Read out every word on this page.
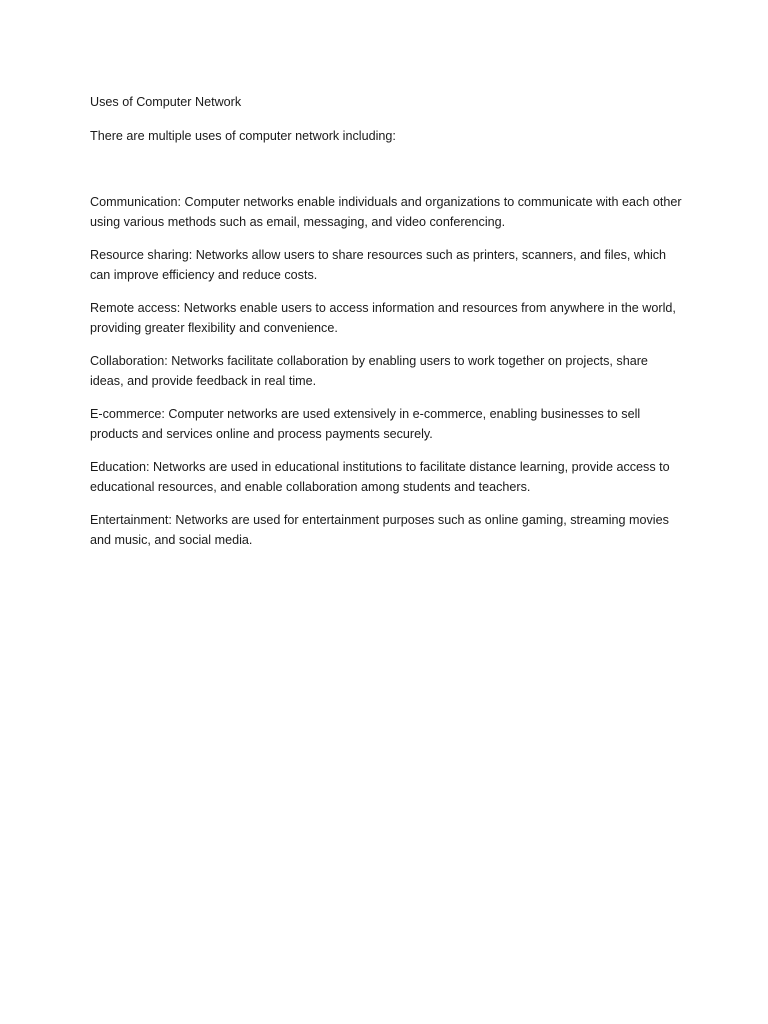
Uses of Computer Network

There are multiple uses of computer network including:

Communication: Computer networks enable individuals and organizations to communicate with each other using various methods such as email, messaging, and video conferencing.

Resource sharing: Networks allow users to share resources such as printers, scanners, and files, which can improve efficiency and reduce costs.

Remote access: Networks enable users to access information and resources from anywhere in the world, providing greater flexibility and convenience.

Collaboration: Networks facilitate collaboration by enabling users to work together on projects, share ideas, and provide feedback in real time.

E-commerce: Computer networks are used extensively in e-commerce, enabling businesses to sell products and services online and process payments securely.

Education: Networks are used in educational institutions to facilitate distance learning, provide access to educational resources, and enable collaboration among students and teachers.

Entertainment: Networks are used for entertainment purposes such as online gaming, streaming movies and music, and social media.
